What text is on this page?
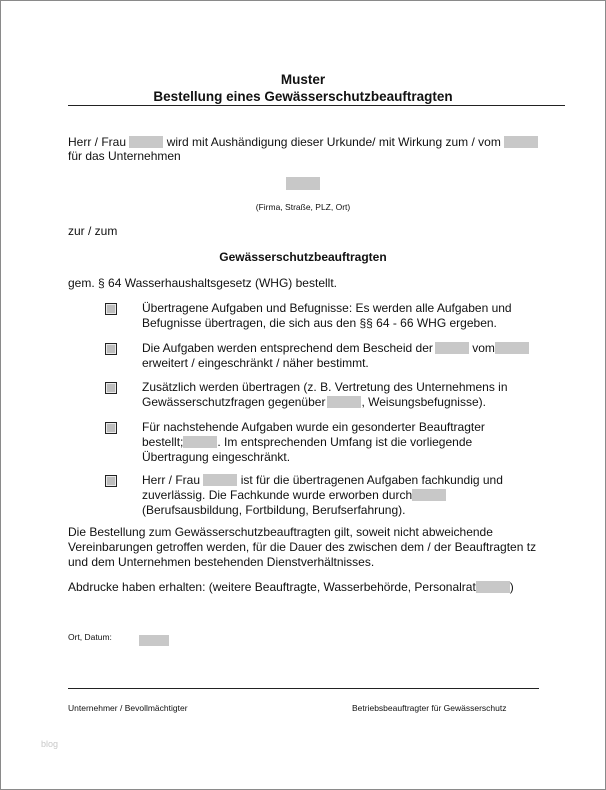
Muster
Bestellung eines Gewässerschutzbeauftragten
Herr / Frau	wird mit Aushändigung dieser Urkunde/ mit Wirkung zum / vom
für das Unternehmen
(Firma, Straße, PLZ, Ort)
zur / zum
Gewässerschutzbeauftragten
gem. § 64 Wasserhaushaltsgesetz (WHG) bestellt.
Übertragene Aufgaben und Befugnisse: Es werden alle Aufgaben und
Befugnisse übertragen, die sich aus den §§ 64 - 66 WHG ergeben.
Die Aufgaben werden entsprechend dem Bescheid der	vom
erweitert / eingeschränkt / näher bestimmt.
Zusätzlich werden übertragen (z. B. Vertretung des Unternehmens in
Gewässerschutzfragen gegenüber	, Weisungsbefugnisse).
Für nachstehende Aufgaben wurde ein gesonderter Beauftragter
bestellt;	. Im entsprechenden Umfang ist die vorliegende
Übertragung eingeschränkt.
Herr / Frau	ist für die übertragenen Aufgaben fachkundig und
zuverlässig. Die Fachkunde wurde erworben durch
(Berufsausbildung, Fortbildung, Berufserfahrung).
Die Bestellung zum Gewässerschutzbeauftragten gilt, soweit nicht abweichende
Vereinbarungen getroffen werden, für die Dauer des zwischen dem / der Beauftragten tz
und dem Unternehmen bestehenden Dienstverhältnisses.
Abdrucke haben erhalten: (weitere Beauftragte, Wasserbehörde, Personalrat	)
Ort, Datum:
Unternehmer / Bevollmächtigter	Betriebsbeauftragter für Gewässerschutz
blog
